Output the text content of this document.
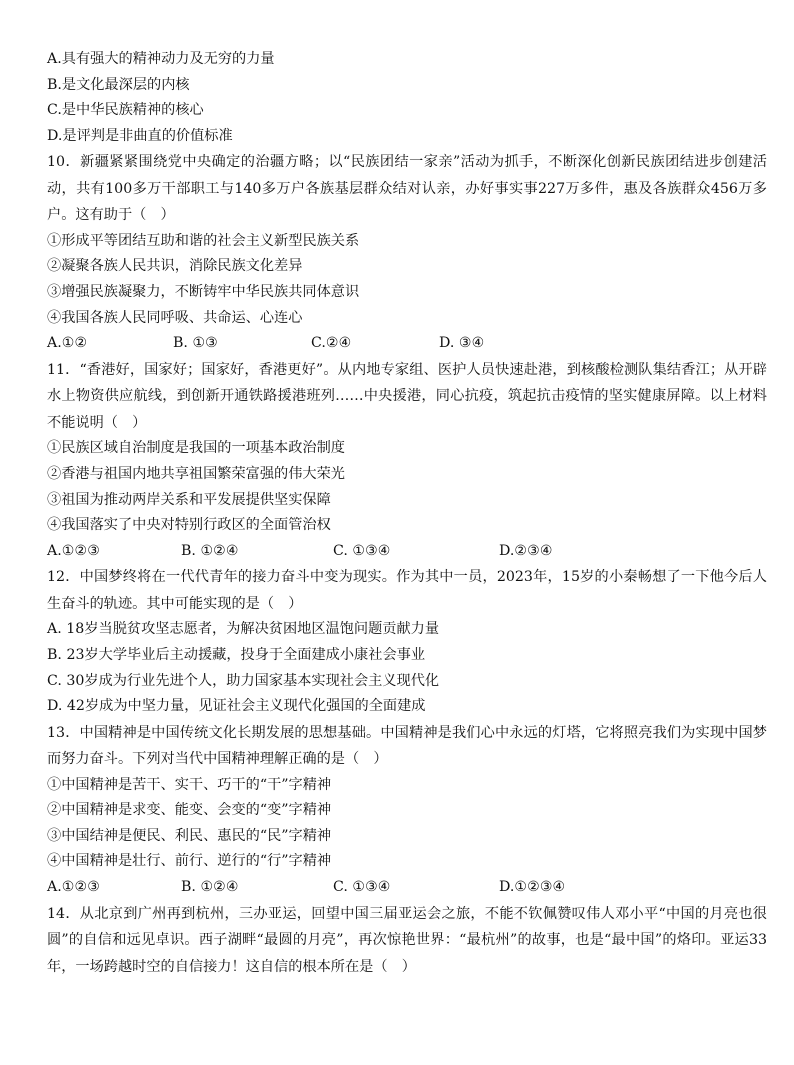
A.具有强大的精神动力及无穷的力量
B.是文化最深层的内核
C.是中华民族精神的核心
D.是评判是非曲直的价值标准

10．新疆紧紧围绕党中央确定的治疆方略；以“民族团结一家亲”活动为抓手，不断深化创新民族团结进步创建活动，共有100多万干部职工与140多万户各族基层群众结对认亲，办好事实事227万多件，惠及各族群众456万多户。这有助于（　）

①形成平等团结互助和谐的社会主义新型民族关系
②凝聚各族人民共识，消除民族文化差异
③增强民族凝聚力，不断铸牢中华民族共同体意识
④我国各族人民同呼吸、共命运、心连心
A.①②	B. ①③	C.②④	D. ③④

11．“香港好，国家好；国家好，香港更好”。从内地专家组、医护人员快速赴港，到核酸检测队集结香江；从开辟水上物资供应航线，到创新开通铁路援港班列……中央援港，同心抗疫，筑起抗击疫情的坚实健康屏障。以上材料不能说明（　）

①民族区域自治制度是我国的一项基本政治制度
②香港与祖国内地共享祖国繁荣富强的伟大荣光
③祖国为推动两岸关系和平发展提供坚实保障
④我国落实了中央对特别行政区的全面管治权
A.①②③	B. ①②④	C. ①③④	D.②③④

12．中国梦终将在一代代青年的接力奋斗中变为现实。作为其中一员，2023年，15岁的小秦畅想了一下他今后人生奋斗的轨迹。其中可能实现的是（　）

A. 18岁当脱贫攻坚志愿者，为解决贫困地区温饱问题贡献力量
B. 23岁大学毕业后主动援藏，投身于全面建成小康社会事业
C. 30岁成为行业先进个人，助力国家基本实现社会主义现代化
D. 42岁成为中坚力量，见证社会主义现代化强国的全面建成

13．中国精神是中国传统文化长期发展的思想基础。中国精神是我们心中永远的灯塔，它将照亮我们为实现中国梦而努力奋斗。下列对当代中国精神理解正确的是（　）

①中国精神是苦干、实干、巧干的“干”字精神
②中国精神是求变、能变、会变的“变”字精神
③中国结神是便民、利民、惠民的“民”字精神
④中国精神是壮行、前行、逆行的“行”字精神
A.①②③	B. ①②④	C. ①③④	D.①②③④

14．从北京到广州再到杭州，三办亚运，回望中国三届亚运会之旅，不能不钦佩赞叹伟人邓小平“中国的月亮也很圆”的自信和远见卓识。西子湖畔“最圆的月亮”，再次惊艳世界：“最杭州”的故事，也是“最中国”的烙印。亚运33年，一场跨越时空的自信接力！这自信的根本所在是（　）
